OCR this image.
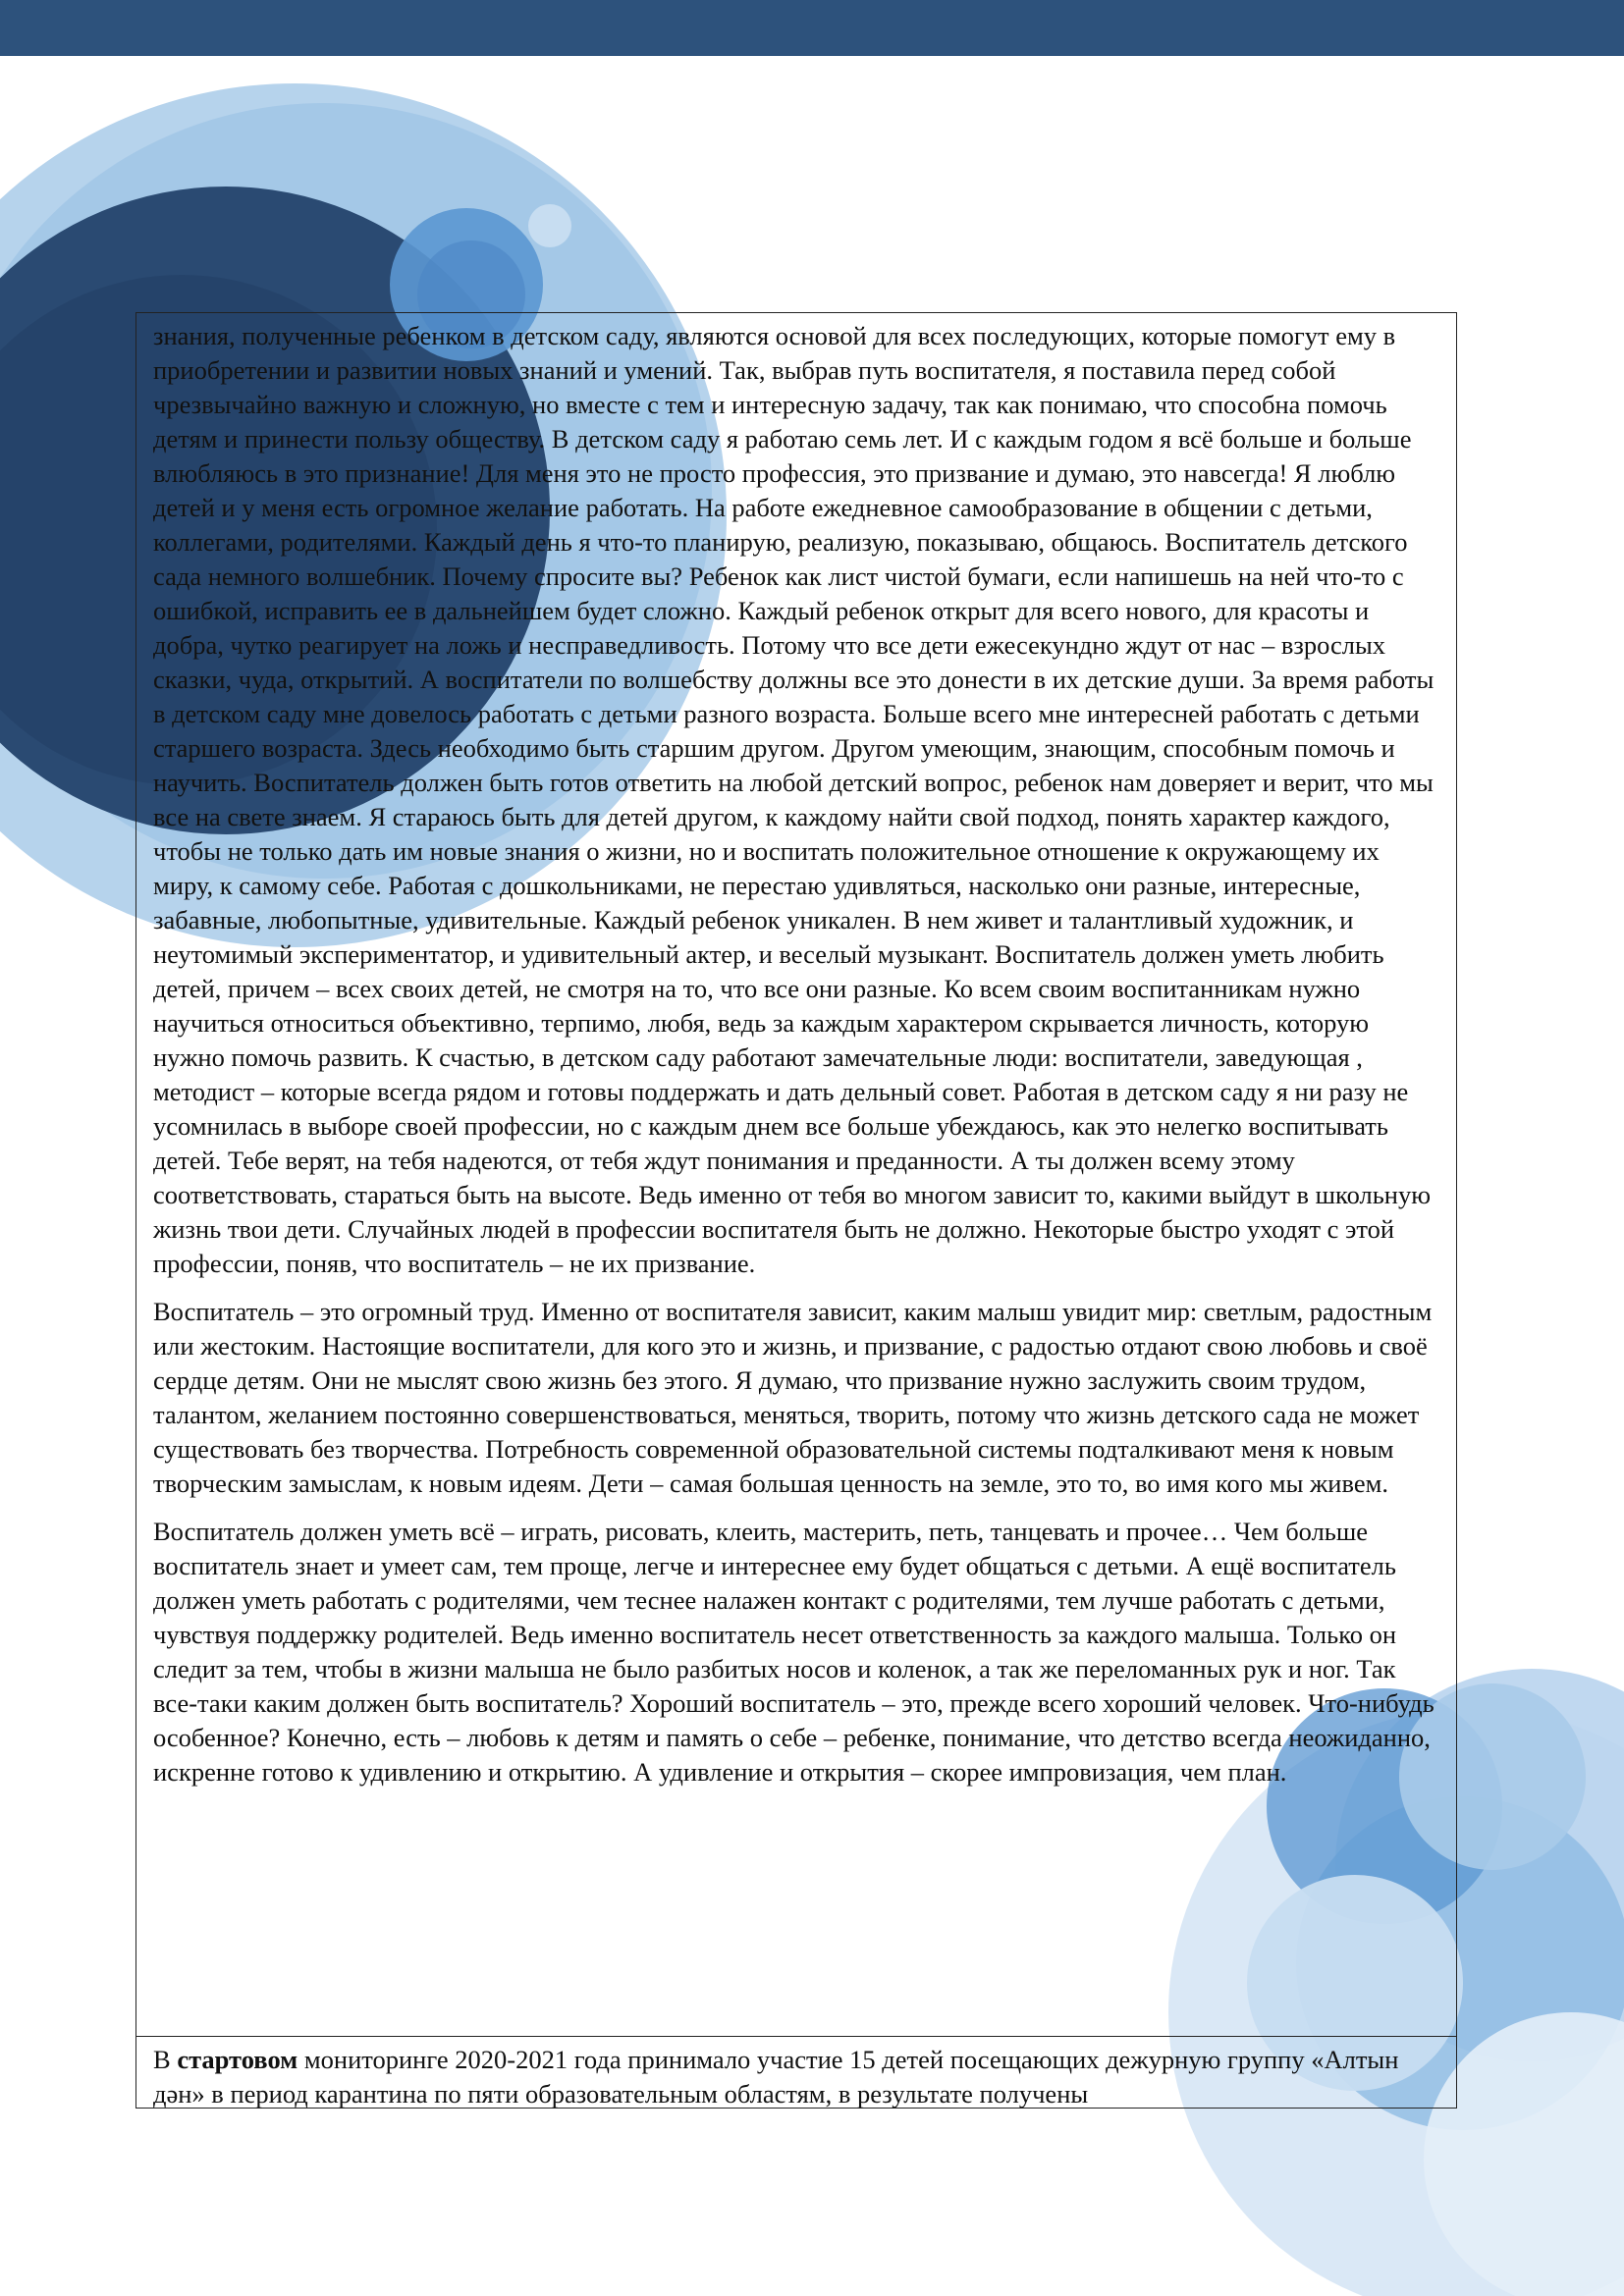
знания, полученные ребенком в детском саду, являются основой для всех последующих, которые помогут ему в приобретении и развитии новых знаний и умений. Так, выбрав путь воспитателя, я поставила перед собой чрезвычайно важную и сложную, но вместе с тем и интересную задачу, так как понимаю, что способна помочь детям и принести пользу обществу. В детском саду я работаю семь лет. И с каждым годом я всё больше и больше влюбляюсь в это признание! Для меня это не просто профессия, это призвание и думаю, это навсегда! Я люблю детей и у меня есть огромное желание работать. На работе ежедневное самообразование в общении с детьми, коллегами, родителями. Каждый день я что-то планирую, реализую, показываю, общаюсь. Воспитатель детского сада немного волшебник. Почему спросите вы? Ребенок как лист чистой бумаги, если напишешь на ней что-то с ошибкой, исправить ее в дальнейшем будет сложно. Каждый ребенок открыт для всего нового, для красоты и добра, чутко реагирует на ложь и несправедливость. Потому что все дети ежесекундно ждут от нас – взрослых сказки, чуда, открытий. А воспитатели по волшебству должны все это донести в их детские души. За время работы в детском саду мне довелось работать с детьми разного возраста. Больше всего мне интересней работать с детьми старшего возраста. Здесь необходимо быть старшим другом. Другом умеющим, знающим, способным помочь и научить. Воспитатель должен быть готов ответить на любой детский вопрос, ребенок нам доверяет и верит, что мы все на свете знаем. Я стараюсь быть для детей другом, к каждому найти свой подход, понять характер каждого, чтобы не только дать им новые знания о жизни, но и воспитать положительное отношение к окружающему их миру, к самому себе. Работая с дошкольниками, не перестаю удивляться, насколько они разные, интересные, забавные, любопытные, удивительные. Каждый ребенок уникален. В нем живет и талантливый художник, и неутомимый экспериментатор, и удивительный актер, и веселый музыкант. Воспитатель должен уметь любить детей, причем – всех своих детей, не смотря на то, что все они разные. Ко всем своим воспитанникам нужно научиться относиться объективно, терпимо, любя, ведь за каждым характером скрывается личность, которую нужно помочь развить. К счастью, в детском саду работают замечательные люди: воспитатели, заведующая , методист – которые всегда рядом и готовы поддержать и дать дельный совет. Работая в детском саду я ни разу не усомнилась в выборе своей профессии, но с каждым днем все больше убеждаюсь, как это нелегко воспитывать детей. Тебе верят, на тебя надеются, от тебя ждут понимания и преданности. А ты должен всему этому соответствовать, стараться быть на высоте. Ведь именно от тебя во многом зависит то, какими выйдут в школьную жизнь твои дети. Случайных людей в профессии воспитателя быть не должно. Некоторые быстро уходят с этой профессии, поняв, что воспитатель – не их призвание.

Воспитатель – это огромный труд. Именно от воспитателя зависит, каким малыш увидит мир: светлым, радостным или жестоким. Настоящие воспитатели, для кого это и жизнь, и призвание, с радостью отдают свою любовь и своё сердце детям. Они не мыслят свою жизнь без этого. Я думаю, что призвание нужно заслужить своим трудом, талантом, желанием постоянно совершенствоваться, меняться, творить, потому что жизнь детского сада не может существовать без творчества. Потребность современной образовательной системы подталкивают меня к новым творческим замыслам, к новым идеям. Дети – самая большая ценность на земле, это то, во имя кого мы живем.

Воспитатель должен уметь всё – играть, рисовать, клеить, мастерить, петь, танцевать и прочее… Чем больше воспитатель знает и умеет сам, тем проще, легче и интереснее ему будет общаться с детьми. А ещё воспитатель должен уметь работать с родителями, чем теснее налажен контакт с родителями, тем лучше работать с детьми, чувствуя поддержку родителей. Ведь именно воспитатель несет ответственность за каждого малыша. Только он следит за тем, чтобы в жизни малыша не было разбитых носов и коленок, а так же переломанных рук и ног. Так все-таки каким должен быть воспитатель? Хороший воспитатель – это, прежде всего хороший человек. Что-нибудь особенное? Конечно, есть – любовь к детям и память о себе – ребенке, понимание, что детство всегда неожиданно, искренне готово к удивлению и открытию. А удивление и открытия – скорее импровизация, чем план.

В стартовом мониторинге 2020-2021 года принимало участие 15 детей посещающих дежурную группу «Алтын дән» в период карантина по пяти образовательным областям, в результате получены
